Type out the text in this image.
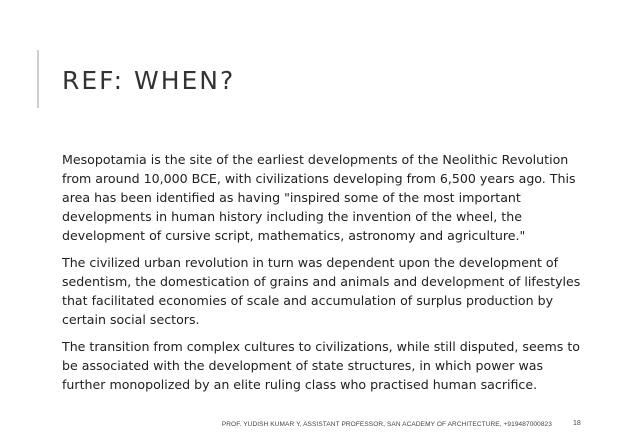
REF: WHEN?

Mesopotamia is the site of the earliest developments of the Neolithic Revolution from around 10,000 BCE, with civilizations developing from 6,500 years ago. This area has been identified as having "inspired some of the most important developments in human history including the invention of the wheel, the development of cursive script, mathematics, astronomy and agriculture."

The civilized urban revolution in turn was dependent upon the development of sedentism, the domestication of grains and animals and development of lifestyles that facilitated economies of scale and accumulation of surplus production by certain social sectors.

The transition from complex cultures to civilizations, while still disputed, seems to be associated with the development of state structures, in which power was further monopolized by an elite ruling class who practised human sacrifice.

PROF. YUDISH KUMAR Y, ASSISTANT PROFESSOR, SAN ACADEMY OF ARCHITECTURE, +919487000823	18
